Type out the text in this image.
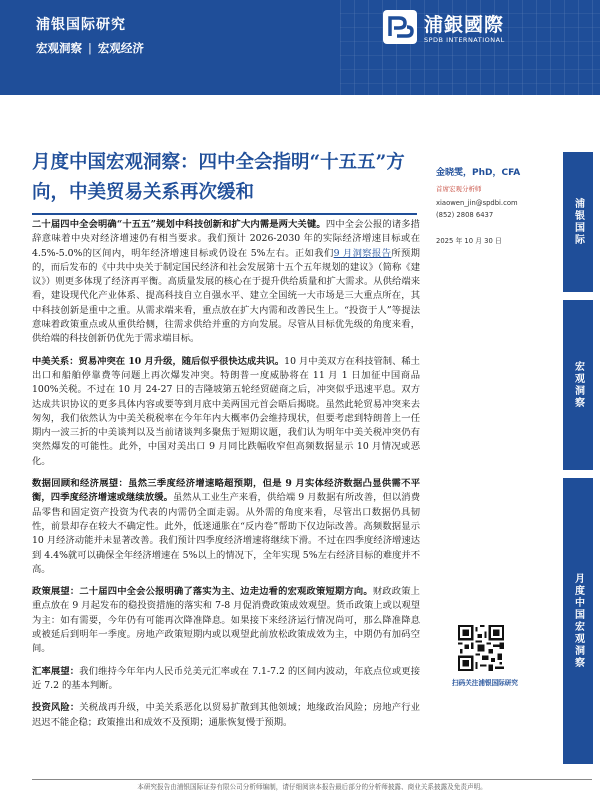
浦银国际研究
宏观洞察 | 宏观经济
浦銀國際
SPDB INTERNATIONAL
月度中国宏观洞察：四中全会指明“十五五”方向，中美贸易关系再次缓和

二十届四中全会明确“十五五”规划中科技创新和扩大内需是两大关键。四中全会公报的诸多措辞意味着中央对经济增速仍有相当要求。我们预计 2026-2030 年的实际经济增速目标或在 4.5%-5.0%的区间内，明年经济增速目标或仍设在 5%左右。正如我们9 月洞察报告所预期的，而后发布的《中共中央关于制定国民经济和社会发展第十五个五年规划的建议》（简称《建议》）则更多体现了经济再平衡。高质量发展的核心在于提升供给质量和扩大需求。从供给端来看，建设现代化产业体系、提高科技自立自强水平、建立全国统一大市场是三大重点所在，其中科技创新是重中之重。从需求端来看，重点放在扩大内需和改善民生上。“投资于人”等提法意味着政策重点或从重供给侧，往需求供给并重的方向发展。尽管从目标优先级的角度来看，供给端的科技创新仍优先于需求端目标。

中美关系：贸易冲突在 10 月升级，随后似乎很快达成共识。10 月中美双方在科技管制、稀土出口和船舶停靠费等问题上再次爆发冲突。特朗普一度威胁将在 11 月 1 日加征中国商品 100%关税。不过在 10 月 24-27 日的吉隆坡第五轮经贸磋商之后，冲突似乎迅速平息。双方达成共识协议的更多具体内容或要等到月底中美两国元首会晤后揭晓。虽然此轮贸易冲突来去匆匆，我们依然认为中美关税税率在今年年内大概率仍会维持现状，但要考虑到特朗普上一任期内一波三折的中美谈判以及当前诸谈判多聚焦于短期议题，我们认为明年中美关税冲突仍有突然爆发的可能性。此外，中国对美出口 9 月同比跌幅收窄但高频数据显示 10 月情况或恶化。

数据回顾和经济展望：虽然三季度经济增速略超预期，但是 9 月实体经济数据凸显供需不平衡，四季度经济增速或继续放缓。虽然从工业生产来看，供给端 9 月数据有所改善，但以消费品零售和固定资产投资为代表的内需仍全面走弱。从外需的角度来看，尽管出口数据仍具韧性，前景却存在较大不确定性。此外，低迷通胀在“反内卷”帮助下仅边际改善。高频数据显示 10 月经济动能并未显著改善。我们预计四季度经济增速将继续下滑。不过在四季度经济增速达到 4.4%就可以确保全年经济增速在 5%以上的情况下，全年实现 5%左右经济目标的难度并不高。

政策展望：二十届四中全会公报明确了落实为主、边走边看的宏观政策短期方向。财政政策上重点放在 9 月起发布的稳投资措施的落实和 7-8 月促消费政策成效观望。货币政策上或以观望为主：如有需要，今年仍有可能再次降准降息。如果接下来经济运行情况尚可，那么降准降息或被延后到明年一季度。房地产政策短期内或以观望此前放松政策成效为主，中期仍有加码空间。

汇率展望：我们维持今年年内人民币兑美元汇率或在 7.1-7.2 的区间内波动，年底点位或更接近 7.2 的基本判断。

投资风险：关税战再升级，中美关系恶化以贸易扩散到其他领域；地缘政治风险；房地产行业迟迟不能企稳；政策推出和成效不及预期；通胀恢复慢于预期。

金晓雯，PhD，CFA
首席宏观分析师
xiaowen_jin@spdbi.com
(852) 2808 6437
2025 年 10 月 30 日	浦银国际
宏观洞察
月度中国宏观洞察
扫码关注浦银国际研究
本研究报告由浦银国际证券有限公司分析师编制，请仔细阅读本报告最后部分的分析师披露、商业关系披露及免责声明。
